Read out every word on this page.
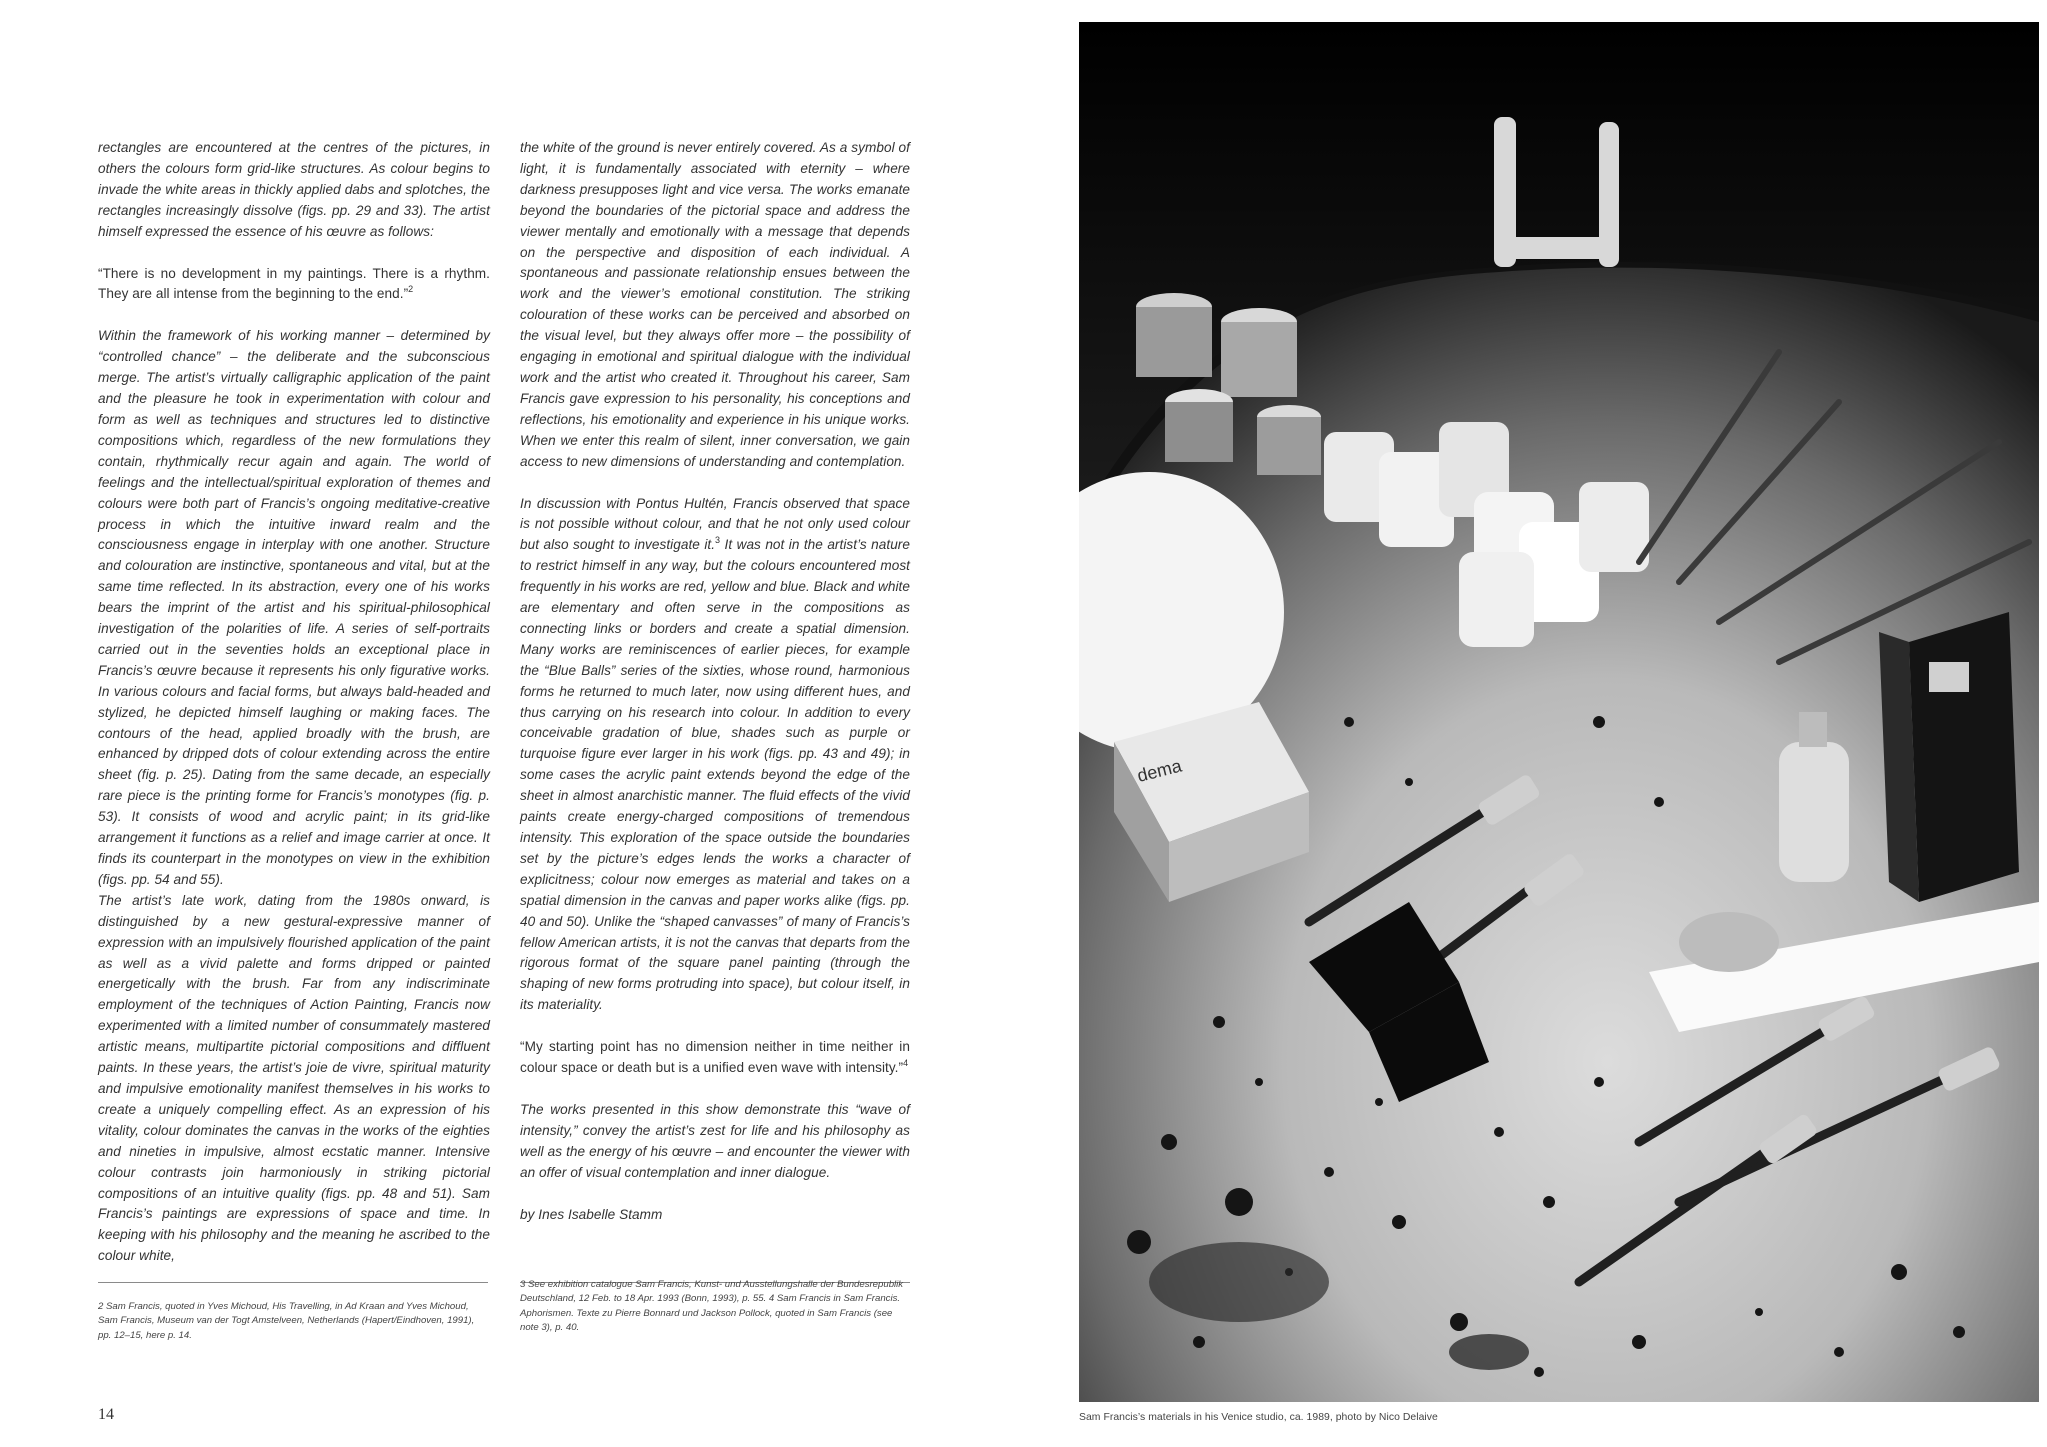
rectangles are encountered at the centres of the pictures, in others the colours form grid-like structures. As colour begins to invade the white areas in thickly applied dabs and splotches, the rectangles increasingly dissolve (figs. pp. 29 and 33). The artist himself expressed the essence of his œuvre as follows:

“There is no development in my paintings. There is a rhythm. They are all intense from the beginning to the end.”$^2$

Within the framework of his working manner – determined by “controlled chance” – the deliberate and the subconscious merge. The artist’s virtually calligraphic application of the paint and the pleasure he took in experimentation with colour and form as well as techniques and structures led to distinctive compositions which, regardless of the new formulations they contain, rhythmically recur again and again. The world of feelings and the intellectual/spiritual exploration of themes and colours were both part of Francis’s ongoing meditative-creative process in which the intuitive inward realm and the consciousness engage in interplay with one another. Structure and colouration are instinctive, spontaneous and vital, but at the same time reflected. In its abstraction, every one of his works bears the imprint of the artist and his spiritual-philosophical investigation of the polarities of life. A series of self-portraits carried out in the seventies holds an exceptional place in Francis’s œuvre because it represents his only figurative works. In various colours and facial forms, but always bald-headed and stylized, he depicted himself laughing or making faces. The contours of the head, applied broadly with the brush, are enhanced by dripped dots of colour extending across the entire sheet (fig. p. 25). Dating from the same decade, an especially rare piece is the printing forme for Francis’s monotypes (fig. p. 53). It consists of wood and acrylic paint; in its grid-like arrangement it functions as a relief and image carrier at once. It finds its counterpart in the monotypes on view in the exhibition (figs. pp. 54 and 55).

The artist’s late work, dating from the 1980s onward, is distinguished by a new gestural-expressive manner of expression with an impulsively flourished application of the paint as well as a vivid palette and forms dripped or painted energetically with the brush. Far from any indiscriminate employment of the techniques of Action Painting, Francis now experimented with a limited number of consummately mastered artistic means, multipartite pictorial compositions and diffluent paints. In these years, the artist’s joie de vivre, spiritual maturity and impulsive emotionality manifest themselves in his works to create a uniquely compelling effect. As an expression of his vitality, colour dominates the canvas in the works of the eighties and nineties in impulsive, almost ecstatic manner. Intensive colour contrasts join harmoniously in striking pictorial compositions of an intuitive quality (figs. pp. 48 and 51). Sam Francis’s paintings are expressions of space and time. In keeping with his philosophy and the meaning he ascribed to the colour white,

the white of the ground is never entirely covered. As a symbol of light, it is fundamentally associated with eternity – where darkness presupposes light and vice versa. The works emanate beyond the boundaries of the pictorial space and address the viewer mentally and emotionally with a message that depends on the perspective and disposition of each individual. A spontaneous and passionate relationship ensues between the work and the viewer’s emotional constitution. The striking colouration of these works can be perceived and absorbed on the visual level, but they always offer more – the possibility of engaging in emotional and spiritual dialogue with the individual work and the artist who created it. Throughout his career, Sam Francis gave expression to his personality, his conceptions and reflections, his emotionality and experience in his unique works. When we enter this realm of silent, inner conversation, we gain access to new dimensions of understanding and contemplation.

In discussion with Pontus Hultén, Francis observed that space is not possible without colour, and that he not only used colour but also sought to investigate it.$^3$ It was not in the artist’s nature to restrict himself in any way, but the colours encountered most frequently in his works are red, yellow and blue. Black and white are elementary and often serve in the compositions as connecting links or borders and create a spatial dimension. Many works are reminiscences of earlier pieces, for example the “Blue Balls” series of the sixties, whose round, harmonious forms he returned to much later, now using different hues, and thus carrying on his research into colour. In addition to every conceivable gradation of blue, shades such as purple or turquoise figure ever larger in his work (figs. pp. 43 and 49); in some cases the acrylic paint extends beyond the edge of the sheet in almost anarchistic manner. The fluid effects of the vivid paints create energy-charged compositions of tremendous intensity. This exploration of the space outside the boundaries set by the picture’s edges lends the works a character of explicitness; colour now emerges as material and takes on a spatial dimension in the canvas and paper works alike (figs. pp. 40 and 50). Unlike the “shaped canvasses” of many of Francis’s fellow American artists, it is not the canvas that departs from the rigorous format of the square panel painting (through the shaping of new forms protruding into space), but colour itself, in its materiality.

“My starting point has no dimension neither in time neither in colour space or death but is a unified even wave with intensity.”$^4$

The works presented in this show demonstrate this “wave of intensity,” convey the artist’s zest for life and his philosophy as well as the energy of his œuvre – and encounter the viewer with an offer of visual contemplation and inner dialogue.

by Ines Isabelle Stamm

2 Sam Francis, quoted in Yves Michoud, His Travelling, in Ad Kraan and Yves Michoud, Sam Francis, Museum van der Togt Amstelveen, Netherlands (Hapert/Eindhoven, 1991), pp. 12–15, here p. 14.
3 See exhibition catalogue Sam Francis, Kunst- und Ausstellungshalle der Bundesrepublik Deutschland, 12 Feb. to 18 Apr. 1993 (Bonn, 1993), p. 55. 4 Sam Francis in Sam Francis. Aphorismen. Texte zu Pierre Bonnard und Jackson Pollock, quoted in Sam Francis (see note 3), p. 40.
14
dema
Sam Francis’s materials in his Venice studio, ca. 1989, photo by Nico Delaive
